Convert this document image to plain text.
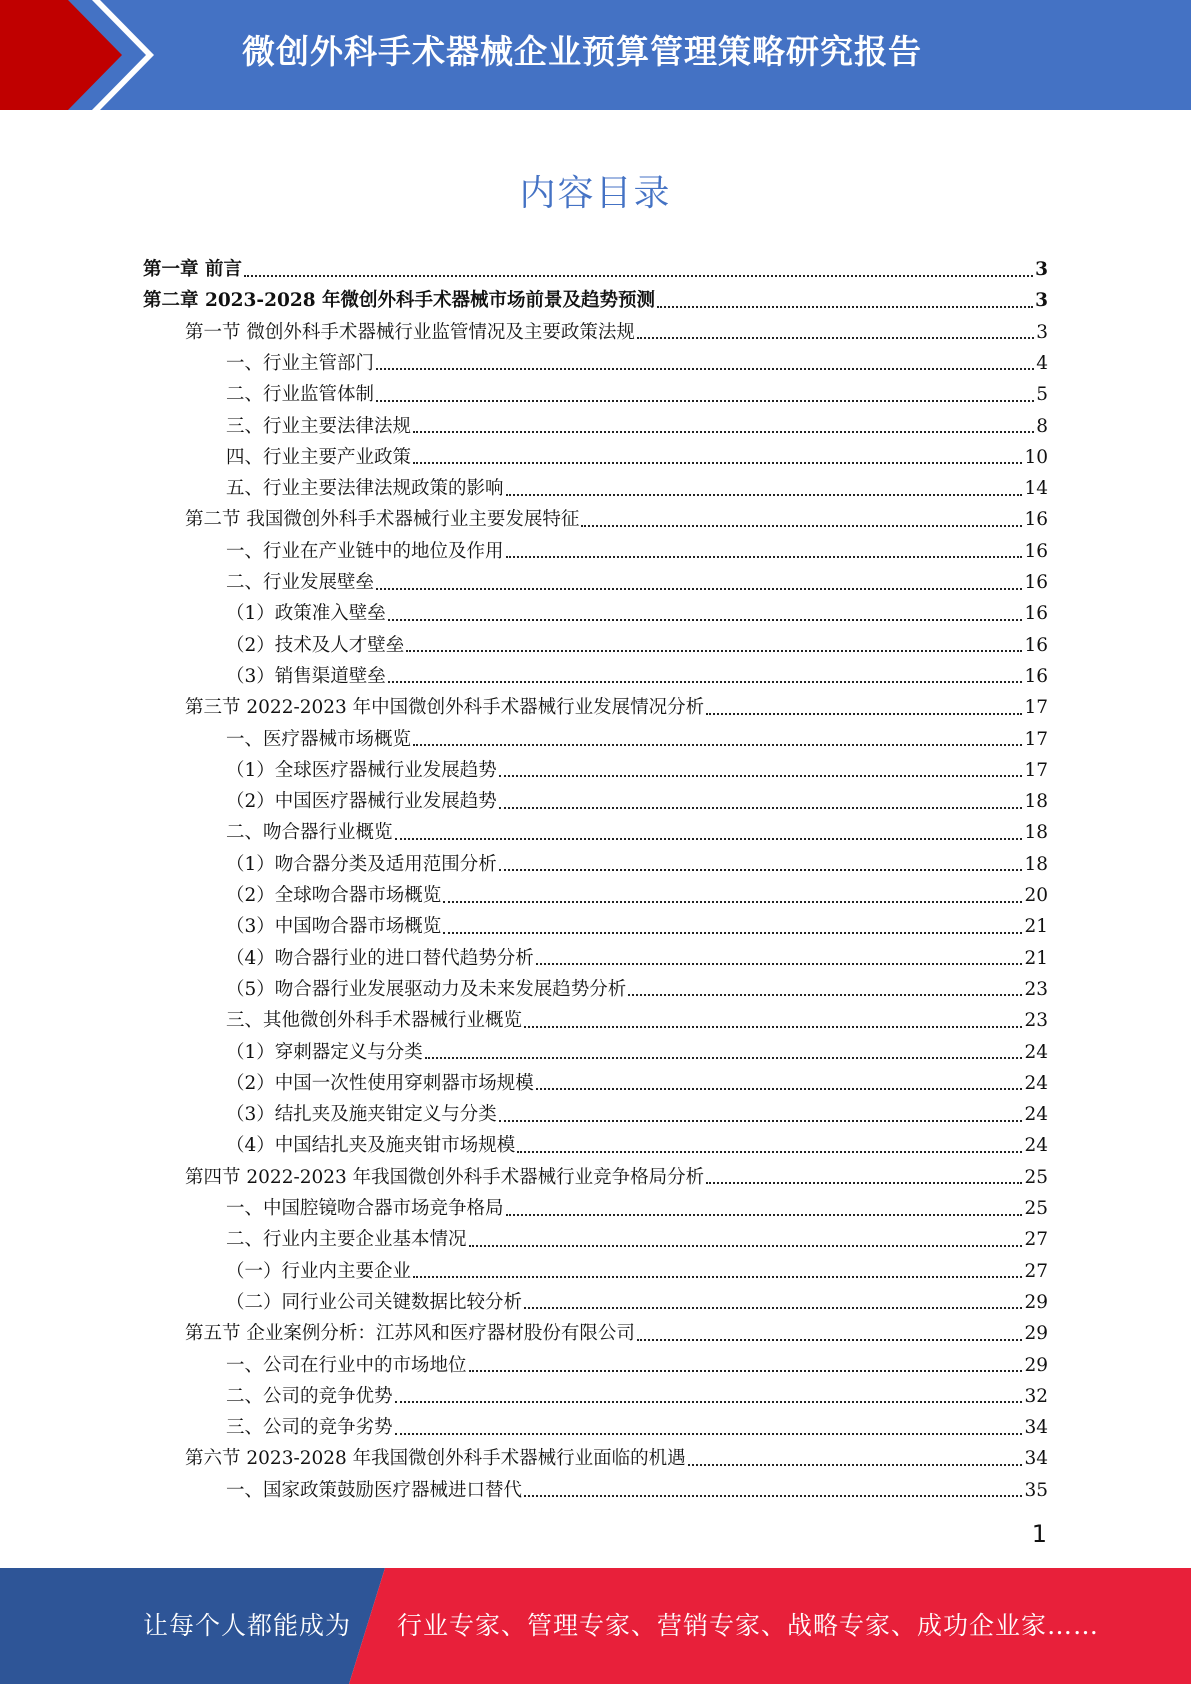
微创外科手术器械企业预算管理策略研究报告
内容目录
第一章 前言	3
第二章 2023-2028 年微创外科手术器械市场前景及趋势预测	3
第一节 微创外科手术器械行业监管情况及主要政策法规	3
一、行业主管部门	4
二、行业监管体制	5
三、行业主要法律法规	8
四、行业主要产业政策	10
五、行业主要法律法规政策的影响	14
第二节 我国微创外科手术器械行业主要发展特征	16
一、行业在产业链中的地位及作用	16
二、行业发展壁垒	16
（1）政策准入壁垒	16
（2）技术及人才壁垒	16
（3）销售渠道壁垒	16
第三节 2022-2023 年中国微创外科手术器械行业发展情况分析	17
一、医疗器械市场概览	17
（1）全球医疗器械行业发展趋势	17
（2）中国医疗器械行业发展趋势	18
二、吻合器行业概览	18
（1）吻合器分类及适用范围分析	18
（2）全球吻合器市场概览	20
（3）中国吻合器市场概览	21
（4）吻合器行业的进口替代趋势分析	21
（5）吻合器行业发展驱动力及未来发展趋势分析	23
三、其他微创外科手术器械行业概览	23
（1）穿刺器定义与分类	24
（2）中国一次性使用穿刺器市场规模	24
（3）结扎夹及施夹钳定义与分类	24
（4）中国结扎夹及施夹钳市场规模	24
第四节 2022-2023 年我国微创外科手术器械行业竞争格局分析	25
一、中国腔镜吻合器市场竞争格局	25
二、行业内主要企业基本情况	27
（一）行业内主要企业	27
（二）同行业公司关键数据比较分析	29
第五节 企业案例分析：江苏风和医疗器材股份有限公司	29
一、公司在行业中的市场地位	29
二、公司的竞争优势	32
三、公司的竞争劣势	34
第六节 2023-2028 年我国微创外科手术器械行业面临的机遇	34
一、国家政策鼓励医疗器械进口替代	35
1
让每个人都能成为 行业专家、管理专家、营销专家、战略专家、成功企业家……
